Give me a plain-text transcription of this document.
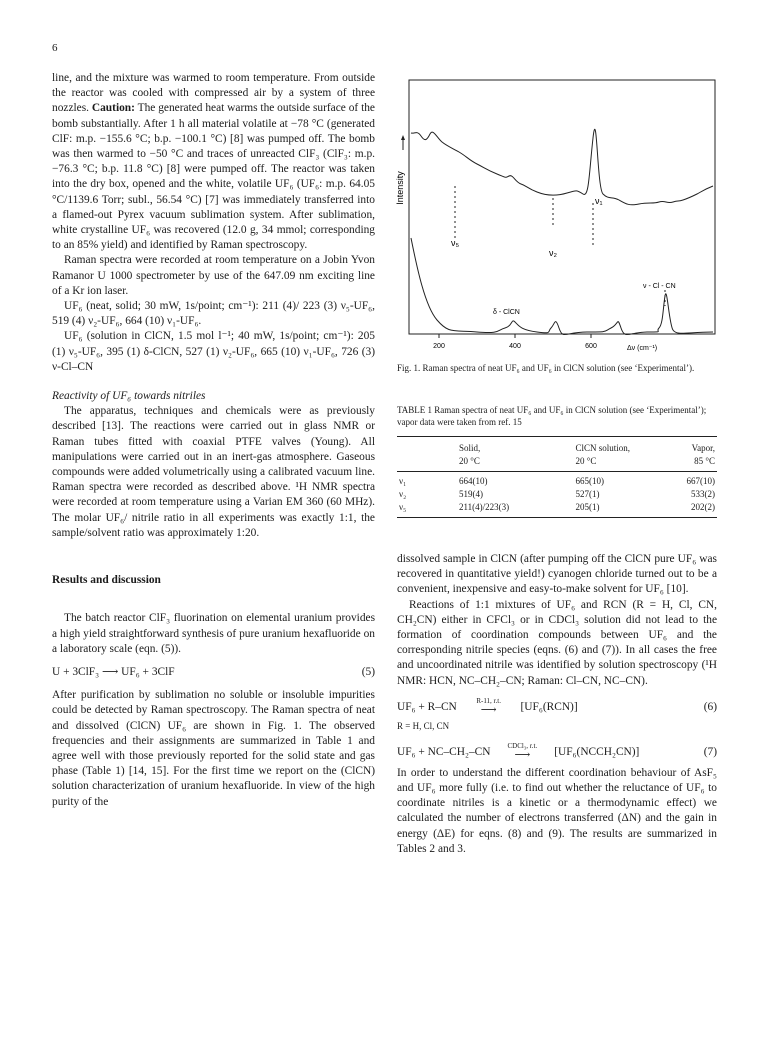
6

line, and the mixture was warmed to room temperature. From outside the reactor was cooled with compressed air by a system of three nozzles. Caution: The generated heat warms the outside surface of the bomb substantially. After 1 h all material volatile at −78 °C (generated ClF: m.p. −155.6 °C; b.p. −100.1 °C) [8] was pumped off. The bomb was then warmed to −50 °C and traces of unreacted ClF₃ (ClF₃: m.p. −76.3 °C; b.p. 11.8 °C) [8] were pumped off. The reactor was taken into the dry box, opened and the white, volatile UF₆ (UF₆: m.p. 64.05 °C/1139.6 Torr; subl., 56.54 °C) [7] was immediately transferred into a flamed-out Pyrex vacuum sublimation system. After sublimation, white crystalline UF₆ was recovered (12.0 g, 34 mmol; corresponding to an 85% yield) and identified by Raman spectroscopy.

Raman spectra were recorded at room temperature on a Jobin Yvon Ramanor U 1000 spectrometer by use of the 647.09 nm exciting line of a Kr ion laser.

UF₆ (neat, solid; 30 mW, 1s/point; cm⁻¹): 211 (4)/ 223 (3) ν₅-UF₆, 519 (4) ν₂-UF₆, 664 (10) ν₁-UF₆.

UF₆ (solution in ClCN, 1.5 mol l⁻¹; 40 mW, 1s/point; cm⁻¹): 205 (1) ν₅-UF₆, 395 (1) δ-ClCN, 527 (1) ν₂-UF₆, 665 (10) ν₁-UF₆, 726 (3) ν-Cl–CN

Reactivity of UF₆ towards nitriles

The apparatus, techniques and chemicals were as previously described [13]. The reactions were carried out in glass NMR or Raman tubes fitted with coaxial PTFE valves (Young). All manipulations were carried out in an inert-gas atmosphere. Gaseous compounds were added volumetrically using a calibrated vacuum line. Raman spectra were recorded as described above. ¹H NMR spectra were recorded at room temperature using a Varian EM 360 (60 MHz). The molar UF₆/ nitrile ratio in all experiments was exactly 1:1, the sample/solvent ratio was approximately 1:20.

Results and discussion

The batch reactor ClF₃ fluorination on elemental uranium provides a high yield straightforward synthesis of pure uranium hexafluoride on a laboratory scale (eqn. (5)).

U + 3ClF₃ ⟶ UF₆ + 3ClF	(5)

After purification by sublimation no soluble or insoluble impurities could be detected by Raman spectroscopy. The Raman spectra of neat and dissolved (ClCN) UF₆ are shown in Fig. 1. The observed frequencies and their assignments are summarized in Table 1 and agree well with those previously reported for the solid state and gas phase (Table 1) [14, 15]. For the first time we report on the (ClCN) solution characterization of uranium hexafluoride. In view of the high purity of the

Intensity
ν₅
ν₂
ν₁
ν - Cl - CN
δ - ClCN
200	400	600	Δν (cm⁻¹)
Fig. 1. Raman spectra of neat UF₆ and UF₆ in ClCN solution (see ‘Experimental’).

TABLE 1 Raman spectra of neat UF₆ and UF₆ in ClCN solution (see ‘Experimental’); vapor data were taken from ref. 15

	Solid,	ClCN solution,	Vapor,
	20 °C	20 °C	85 °C
ν₁	664(10)	665(10)	667(10)
ν₂	519(4)	527(1)	533(2)
ν₅	211(4)/223(3)	205(1)	202(2)

dissolved sample in ClCN (after pumping off the ClCN pure UF₆ was recovered in quantitative yield!) cyanogen chloride turned out to be a convenient, inexpensive and easy-to-make solvent for UF₆ [10].

Reactions of 1:1 mixtures of UF₆ and RCN (R = H, Cl, CN, CH₂CN) either in CFCl₃ or in CDCl₃ solution did not lead to the formation of coordination compounds between UF₆ and the corresponding nitrile species (eqns. (6) and (7)). In all cases the free and uncoordinated nitrile was identified by solution spectroscopy (¹H NMR: HCN, NC–CH₂–CN; Raman: Cl–CN, NC–CN).

UF₆ + R–CN	R-11, r.t.
⟶	[UF₆(RCN)]	(6)

R = H, Cl, CN

UF₆ + NC–CH₂–CN	CDCl₃, r.t.
⟶	[UF₆(NCCH₂CN)]	(7)

In order to understand the different coordination behaviour of AsF₅ and UF₆ more fully (i.e. to find out whether the reluctance of UF₆ to coordinate nitriles is a kinetic or a thermodynamic effect) we calculated the number of electrons transferred (ΔN) and the gain in energy (ΔE) for eqns. (8) and (9). The results are summarized in Tables 2 and 3.
